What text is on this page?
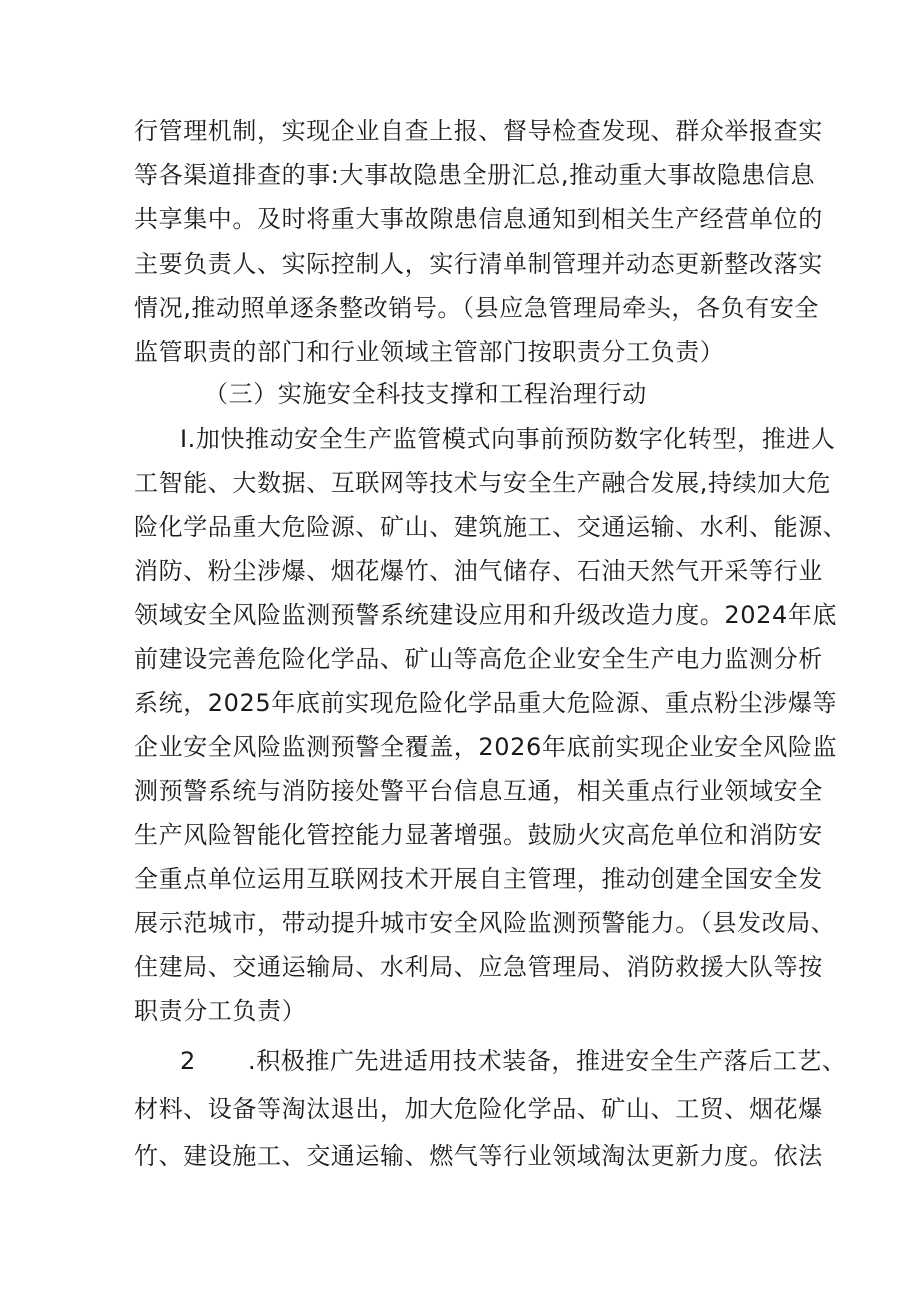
行管理机制，实现企业自查上报、督导检查发现、群众举报查实
等各渠道排查的事:大事故隐患全册汇总,推动重大事故隐患信息
共享集中。及时将重大事故隙患信息通知到相关生产经营单位的
主要负责人、实际控制人，实行清单制管理并动态更新整改落实
情况,推动照单逐条整改销号。（县应急管理局牵头，各负有安全
监管职责的部门和行业领域主管部门按职责分工负责）
（三）实施安全科技支撑和工程治理行动
I.加快推动安全生产监管模式向事前预防数字化转型，推进人
工智能、大数据、互联网等技术与安全生产融合发展,持续加大危
险化学品重大危险源、矿山、建筑施工、交通运输、水利、能源、
消防、粉尘涉爆、烟花爆竹、油气储存、石油天然气开采等行业
领域安全风险监测预警系统建设应用和升级改造力度。2024年底
前建设完善危险化学品、矿山等高危企业安全生产电力监测分析
系统，2025年底前实现危险化学品重大危险源、重点粉尘涉爆等
企业安全风险监测预警全覆盖，2026年底前实现企业安全风险监
测预警系统与消防接处警平台信息互通，相关重点行业领域安全
生产风险智能化管控能力显著增强。鼓励火灾高危单位和消防安
全重点单位运用互联网技术开展自主管理，推动创建全国安全发
展示范城市，带动提升城市安全风险监测预警能力。（县发改局、
住建局、交通运输局、水利局、应急管理局、消防救援大队等按
职责分工负责）
2 .积极推广先进适用技术装备，推进安全生产落后工艺、
材料、设备等淘汰退出，加大危险化学品、矿山、工贸、烟花爆
竹、建设施工、交通运输、燃气等行业领域淘汰更新力度。依法
